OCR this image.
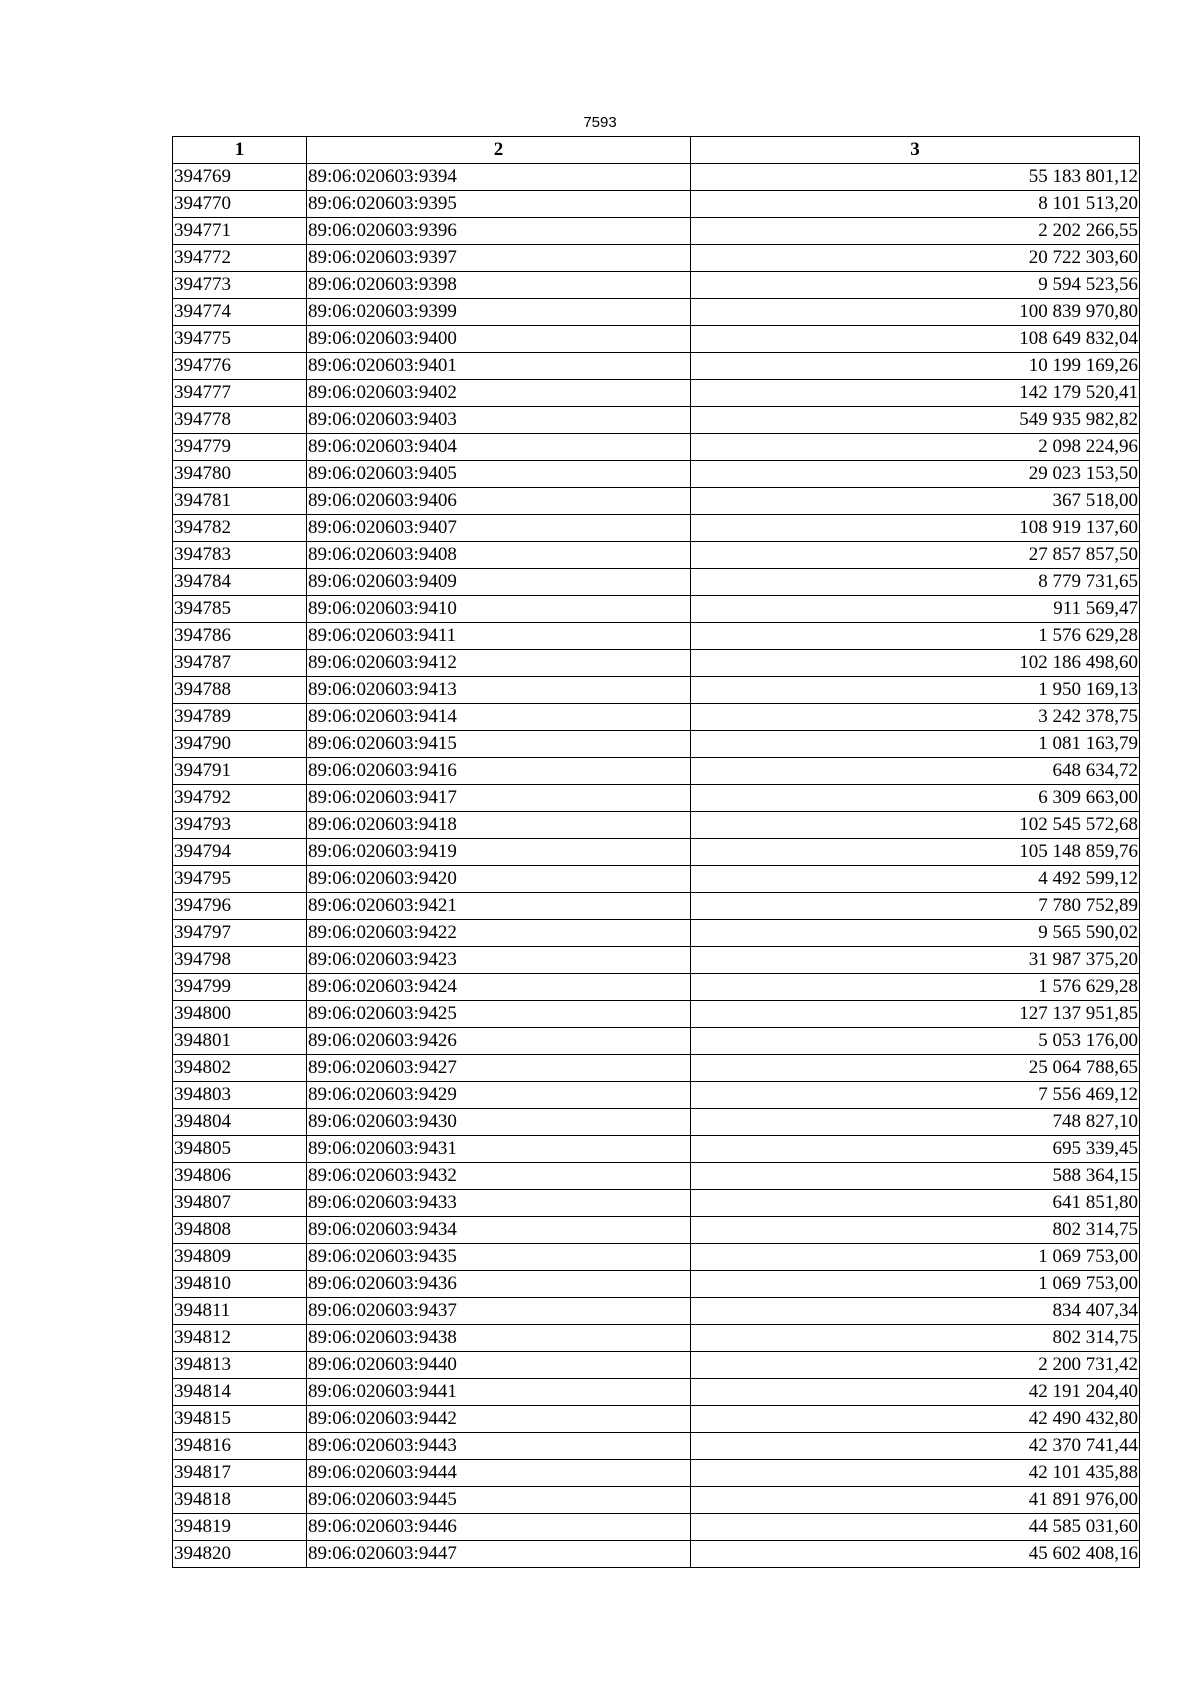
7593
1	2	3
394769	89:06:020603:9394	55 183 801,12
394770	89:06:020603:9395	8 101 513,20
394771	89:06:020603:9396	2 202 266,55
394772	89:06:020603:9397	20 722 303,60
394773	89:06:020603:9398	9 594 523,56
394774	89:06:020603:9399	100 839 970,80
394775	89:06:020603:9400	108 649 832,04
394776	89:06:020603:9401	10 199 169,26
394777	89:06:020603:9402	142 179 520,41
394778	89:06:020603:9403	549 935 982,82
394779	89:06:020603:9404	2 098 224,96
394780	89:06:020603:9405	29 023 153,50
394781	89:06:020603:9406	367 518,00
394782	89:06:020603:9407	108 919 137,60
394783	89:06:020603:9408	27 857 857,50
394784	89:06:020603:9409	8 779 731,65
394785	89:06:020603:9410	911 569,47
394786	89:06:020603:9411	1 576 629,28
394787	89:06:020603:9412	102 186 498,60
394788	89:06:020603:9413	1 950 169,13
394789	89:06:020603:9414	3 242 378,75
394790	89:06:020603:9415	1 081 163,79
394791	89:06:020603:9416	648 634,72
394792	89:06:020603:9417	6 309 663,00
394793	89:06:020603:9418	102 545 572,68
394794	89:06:020603:9419	105 148 859,76
394795	89:06:020603:9420	4 492 599,12
394796	89:06:020603:9421	7 780 752,89
394797	89:06:020603:9422	9 565 590,02
394798	89:06:020603:9423	31 987 375,20
394799	89:06:020603:9424	1 576 629,28
394800	89:06:020603:9425	127 137 951,85
394801	89:06:020603:9426	5 053 176,00
394802	89:06:020603:9427	25 064 788,65
394803	89:06:020603:9429	7 556 469,12
394804	89:06:020603:9430	748 827,10
394805	89:06:020603:9431	695 339,45
394806	89:06:020603:9432	588 364,15
394807	89:06:020603:9433	641 851,80
394808	89:06:020603:9434	802 314,75
394809	89:06:020603:9435	1 069 753,00
394810	89:06:020603:9436	1 069 753,00
394811	89:06:020603:9437	834 407,34
394812	89:06:020603:9438	802 314,75
394813	89:06:020603:9440	2 200 731,42
394814	89:06:020603:9441	42 191 204,40
394815	89:06:020603:9442	42 490 432,80
394816	89:06:020603:9443	42 370 741,44
394817	89:06:020603:9444	42 101 435,88
394818	89:06:020603:9445	41 891 976,00
394819	89:06:020603:9446	44 585 031,60
394820	89:06:020603:9447	45 602 408,16
